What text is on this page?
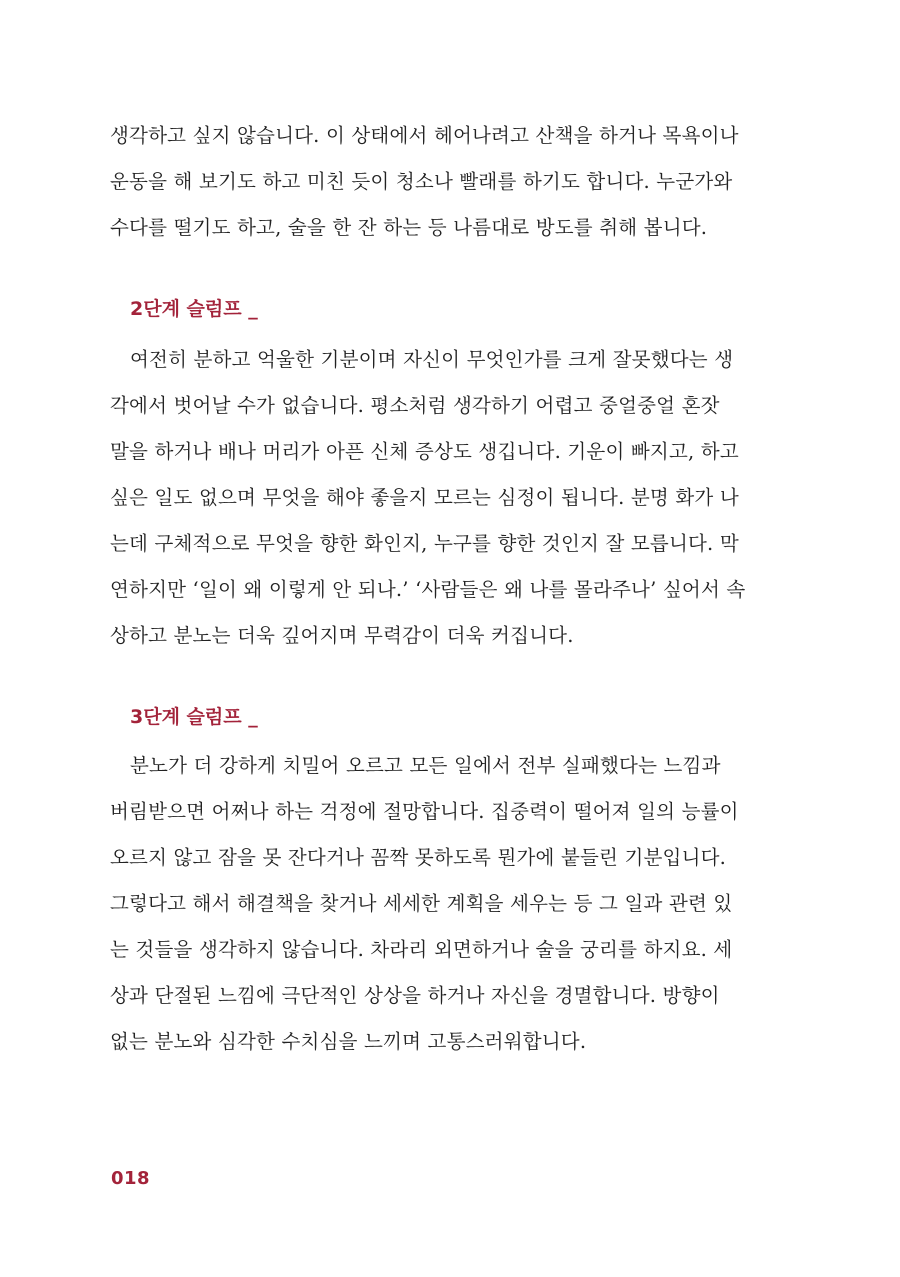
생각하고 싶지 않습니다. 이 상태에서 헤어나려고 산책을 하거나 목욕이나
운동을 해 보기도 하고 미친 듯이 청소나 빨래를 하기도 합니다. 누군가와
수다를 떨기도 하고, 술을 한 잔 하는 등 나름대로 방도를 취해 봅니다.
2단계 슬럼프 _
여전히 분하고 억울한 기분이며 자신이 무엇인가를 크게 잘못했다는 생
각에서 벗어날 수가 없습니다. 평소처럼 생각하기 어렵고 중얼중얼 혼잣
말을 하거나 배나 머리가 아픈 신체 증상도 생깁니다. 기운이 빠지고, 하고
싶은 일도 없으며 무엇을 해야 좋을지 모르는 심정이 됩니다. 분명 화가 나
는데 구체적으로 무엇을 향한 화인지, 누구를 향한 것인지 잘 모릅니다. 막
연하지만 ‘일이 왜 이렇게 안 되나.’ ‘사람들은 왜 나를 몰라주나’ 싶어서 속
상하고 분노는 더욱 깊어지며 무력감이 더욱 커집니다.
3단계 슬럼프 _
분노가 더 강하게 치밀어 오르고 모든 일에서 전부 실패했다는 느낌과
버림받으면 어쩌나 하는 걱정에 절망합니다. 집중력이 떨어져 일의 능률이
오르지 않고 잠을 못 잔다거나 꼼짝 못하도록 뭔가에 붙들린 기분입니다.
그렇다고 해서 해결책을 찾거나 세세한 계획을 세우는 등 그 일과 관련 있
는 것들을 생각하지 않습니다. 차라리 외면하거나 술을 궁리를 하지요. 세
상과 단절된 느낌에 극단적인 상상을 하거나 자신을 경멸합니다. 방향이
없는 분노와 심각한 수치심을 느끼며 고통스러워합니다.
018
